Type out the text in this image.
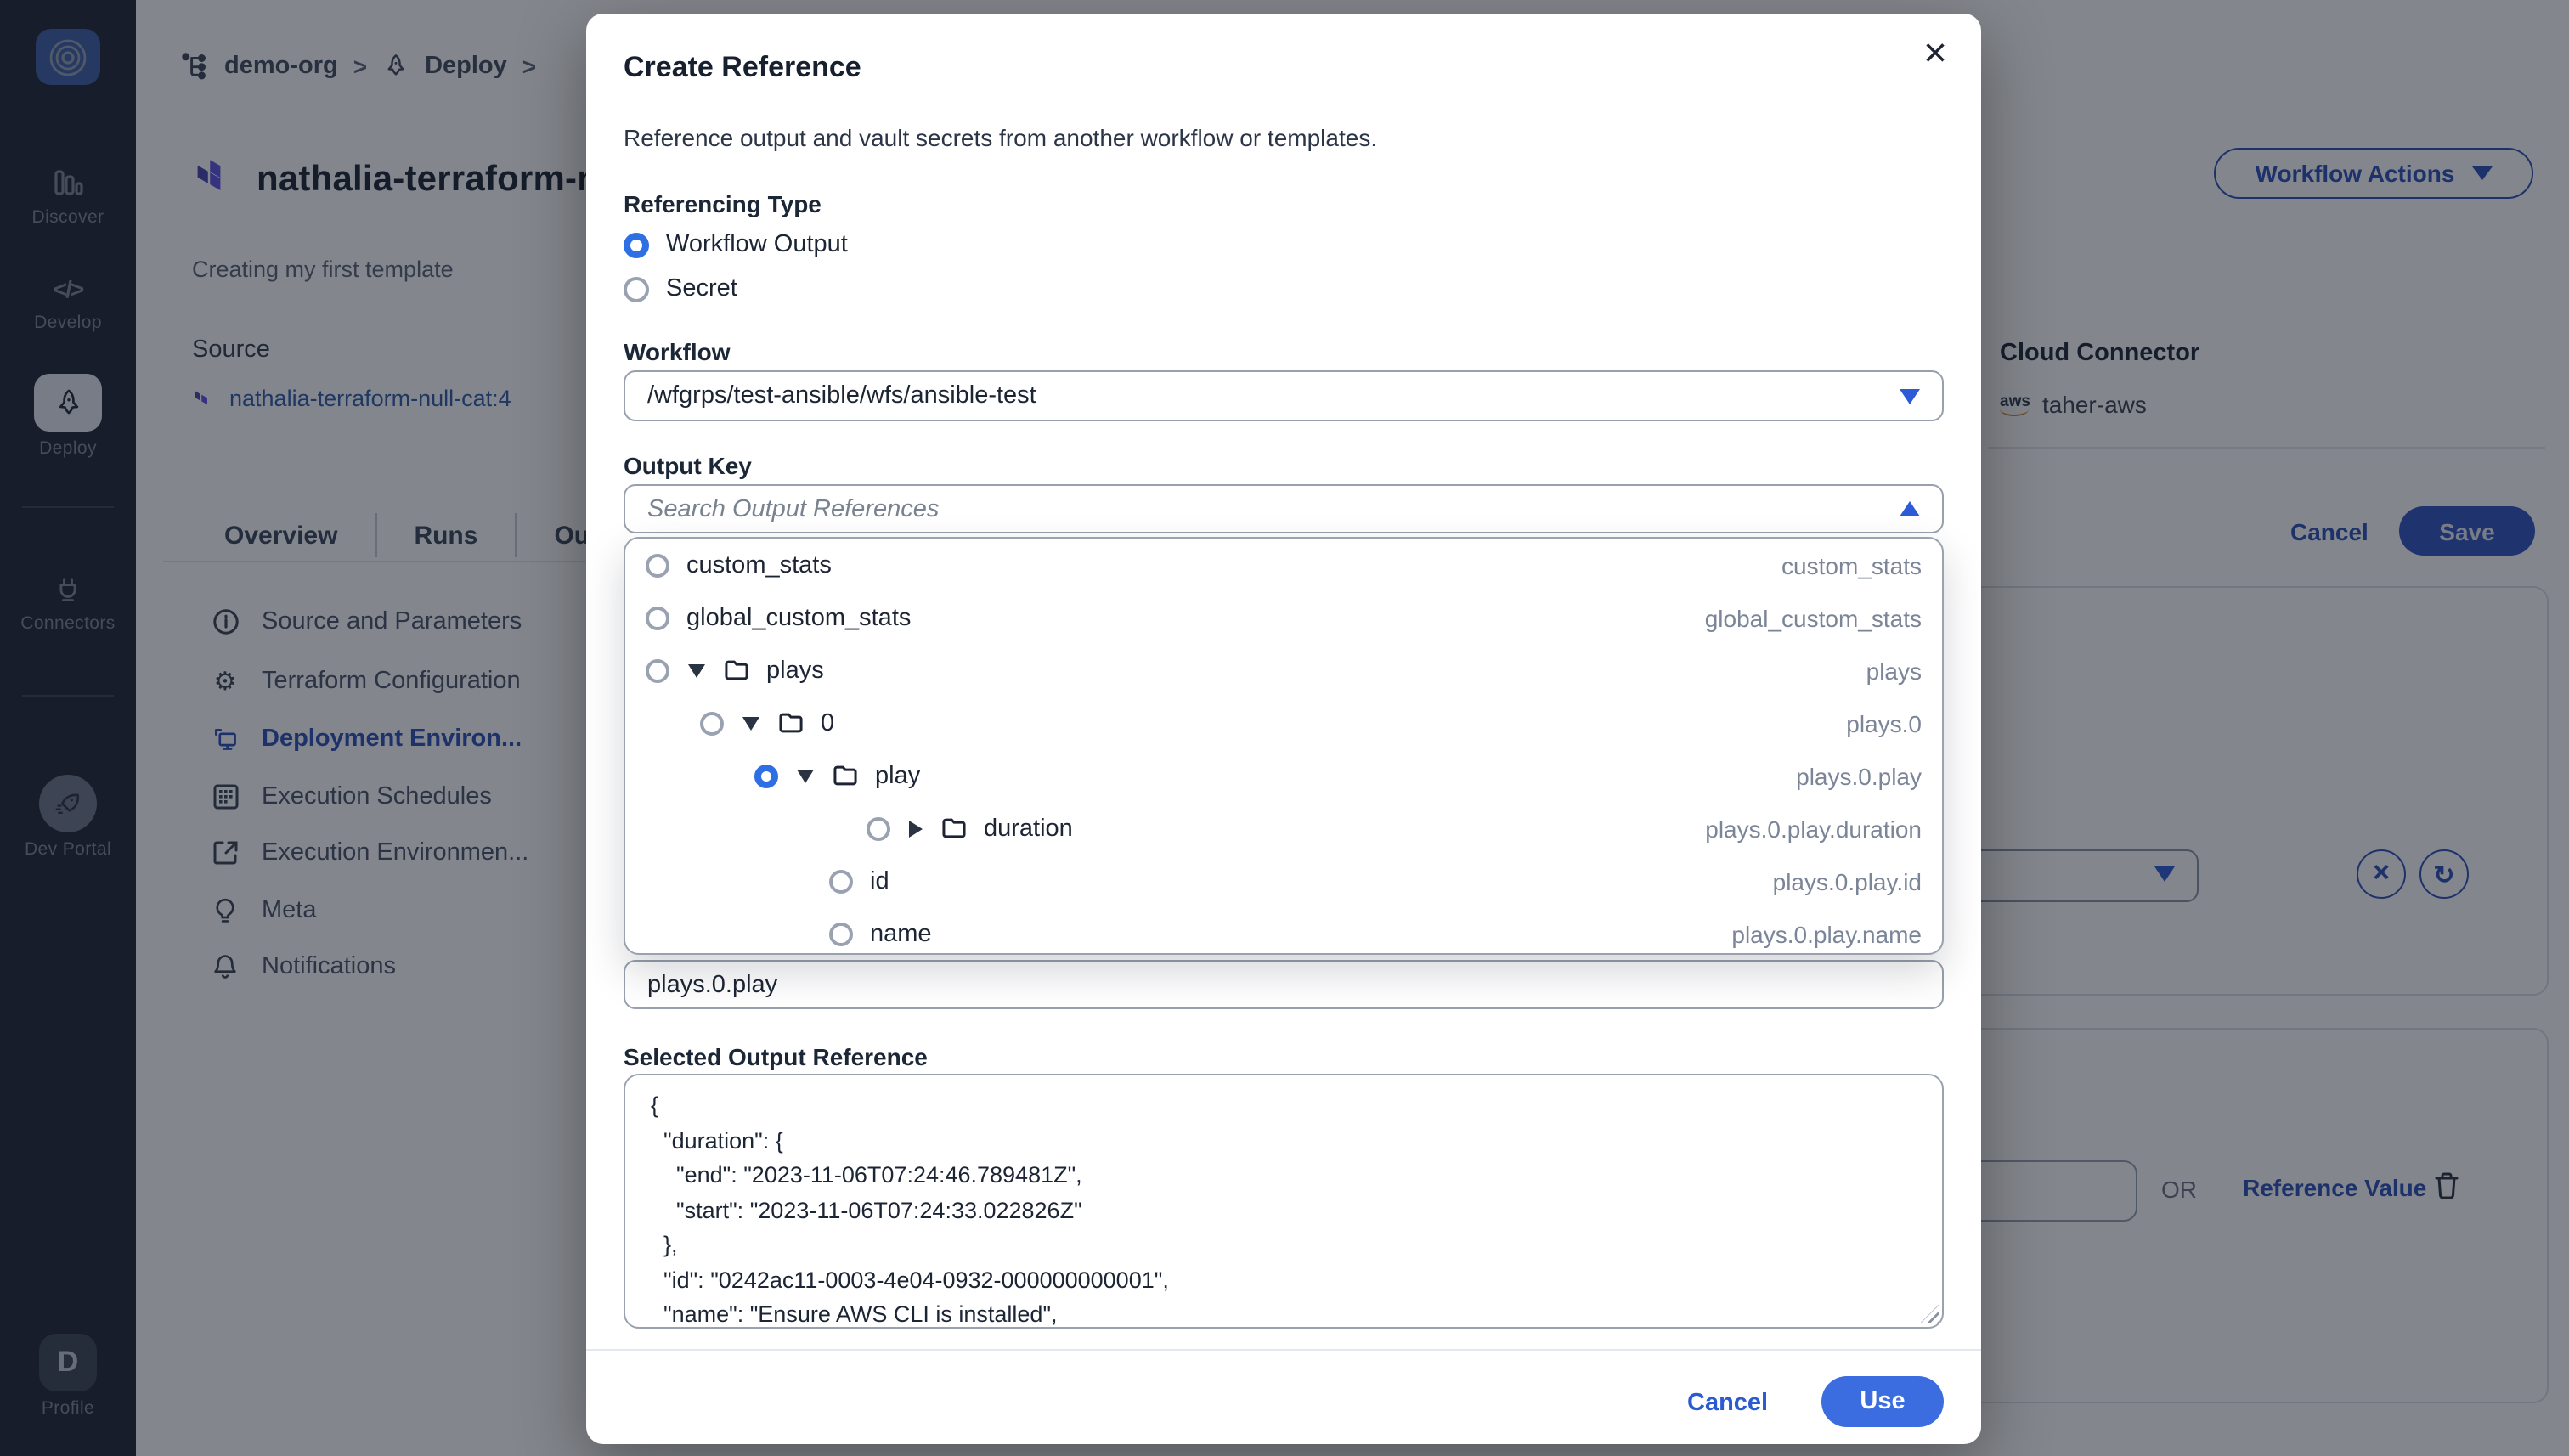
×
Create Reference
Reference output and vault secrets from another workflow or templates.
Referencing Type
Workflow Output
Secret
Workflow
/wfgrps/test-ansible/wfs/ansible-test
Output Key
Search Output References
custom_stats	custom_stats
global_custom_stats	global_custom_stats
plays	plays
0	plays.0
play	plays.0.play
duration	plays.0.play.duration
id	plays.0.play.id
name	plays.0.play.name
plays.0.play
Selected Output Reference
{
"duration": {
"end": "2023-11-06T07:24:46.789481Z",
"start": "2023-11-06T07:24:33.022826Z"
},
"id": "0242ac11-0003-4e04-0932-000000000001",
"name": "Ensure AWS CLI is installed",
Cancel	Use
